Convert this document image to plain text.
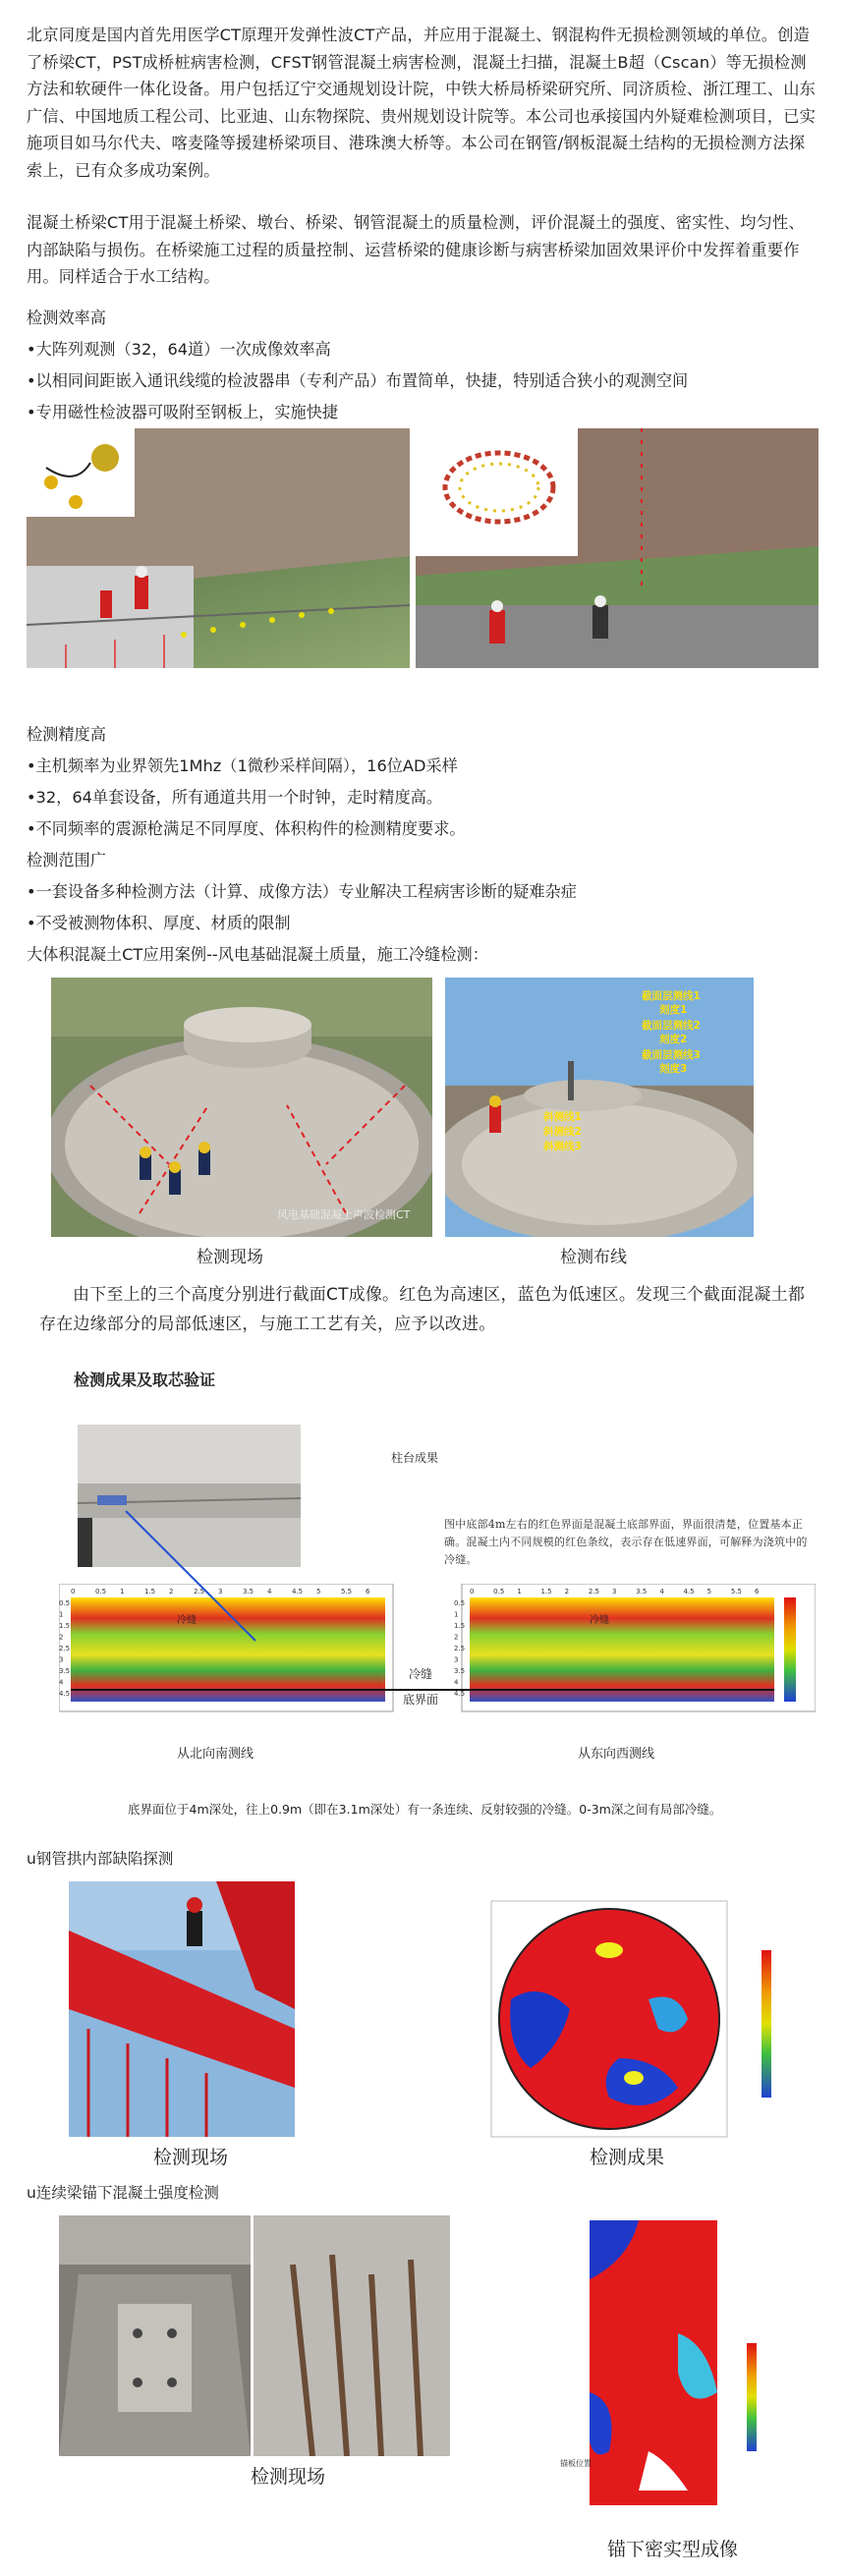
北京同度是国内首先用医学CT原理开发弹性波CT产品，并应用于混凝土、钢混构件无损检测领域的单位。创造了桥梁CT，PST成桥桩病害检测，CFST钢管混凝土病害检测，混凝土扫描，混凝土B超（Cscan）等无损检测方法和软硬件一体化设备。用户包括辽宁交通规划设计院，中铁大桥局桥梁研究所、同济质检、浙江理工、山东广信、中国地质工程公司、比亚迪、山东物探院、贵州规划设计院等。本公司也承接国内外疑难检测项目，已实施项目如马尔代夫、喀麦隆等援建桥梁项目、港珠澳大桥等。本公司在钢管/钢板混凝土结构的无损检测方法探索上，已有众多成功案例。

混凝土桥梁CT用于混凝土桥梁、墩台、桥梁、钢管混凝土的质量检测，评价混凝土的强度、密实性、均匀性、内部缺陷与损伤。在桥梁施工过程的质量控制、运营桥梁的健康诊断与病害桥梁加固效果评价中发挥着重要作用。同样适合于水工结构。

检测效率高
•大阵列观测（32，64道）一次成像效率高
•以相同间距嵌入通讯线缆的检波器串（专利产品）布置简单，快捷，特别适合狭小的观测空间
•专用磁性检波器可吸附至钢板上，实施快捷
检测精度高
•主机频率为业界领先1Mhz（1微秒采样间隔），16位AD采样
•32，64单套设备，所有通道共用一个时钟，走时精度高。
•不同频率的震源枪满足不同厚度、体积构件的检测精度要求。
检测范围广
•一套设备多种检测方法（计算、成像方法）专业解决工程病害诊断的疑难杂症
•不受被测物体积、厚度、材质的限制
大体积混凝土CT应用案例--风电基础混凝土质量，施工冷缝检测：
风电基础混凝土声波检测CT
截面层测线1
刻度1
截面层测线2
刻度2
截面层测线3
刻度3
斜测线1
斜测线2
斜测线3
检测现场	检测布线

由下至上的三个高度分别进行截面CT成像。红色为高速区，蓝色为低速区。发现三个截面混凝土都存在边缘部分的局部低速区，与施工工艺有关，应予以改进。

检测成果及取芯验证
柱台成果
图中底部4m左右的红色界面是混凝土底部界面，界面很清楚，位置基本正确。混凝土内不同规模的红色条纹，表示存在低速界面，可解释为浇筑中的冷缝。
冷缝	冷缝
冷缝
底界面
0	0.5 1	1.5 2	2.5 3	3.5 4	4.5 5	5.5 6	0	0.5 1	1.5 2	2.5 3	3.5 4	4.5 5	5.5 6
0.5
1
1.5
2
2.5
3
3.5
4
4.5
0.5
1
1.5
2
2.5
3
3.5
4
4.5
从北向南测线	从东向西测线
底界面位于4m深处，往上0.9m（即在3.1m深处）有一条连续、反射较强的冷缝。0-3m深之间有局部冷缝。
u钢管拱内部缺陷探测
检测现场	检测成果
u连续梁锚下混凝土强度检测
检测现场
锚板位置
锚下密实型成像
